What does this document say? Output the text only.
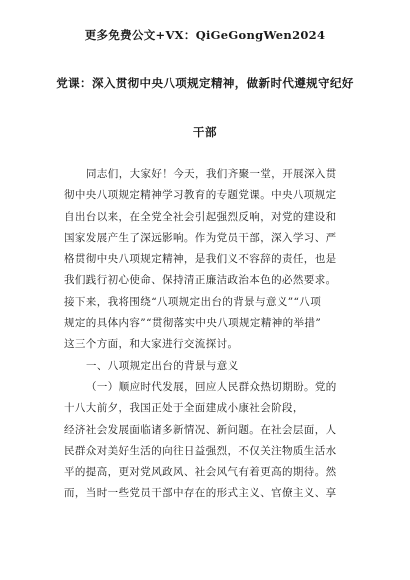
更多免费公文+VX：QiGeGongWen2024
党课：深入贯彻中央八项规定精神，做新时代遵规守纪好
干部
同志们，大家好！今天，我们齐聚一堂，开展深入贯
彻中央八项规定精神学习教育的专题党课。中央八项规定
自出台以来，在全党全社会引起强烈反响，对党的建设和
国家发展产生了深远影响。作为党员干部，深入学习、严
格贯彻中央八项规定精神，是我们义不容辞的责任，也是
我们践行初心使命、保持清正廉洁政治本色的必然要求。
接下来，我将围绕“八项规定出台的背景与意义”“八项
规定的具体内容”“贯彻落实中央八项规定精神的举措”
这三个方面，和大家进行交流探讨。
一、八项规定出台的背景与意义
（一）顺应时代发展，回应人民群众热切期盼。党的
十八大前夕，我国正处于全面建成小康社会阶段，
经济社会发展面临诸多新情况、新问题。在社会层面，人
民群众对美好生活的向往日益强烈，不仅关注物质生活水
平的提高，更对党风政风、社会风气有着更高的期待。然
而，当时一些党员干部中存在的形式主义、官僚主义、享
